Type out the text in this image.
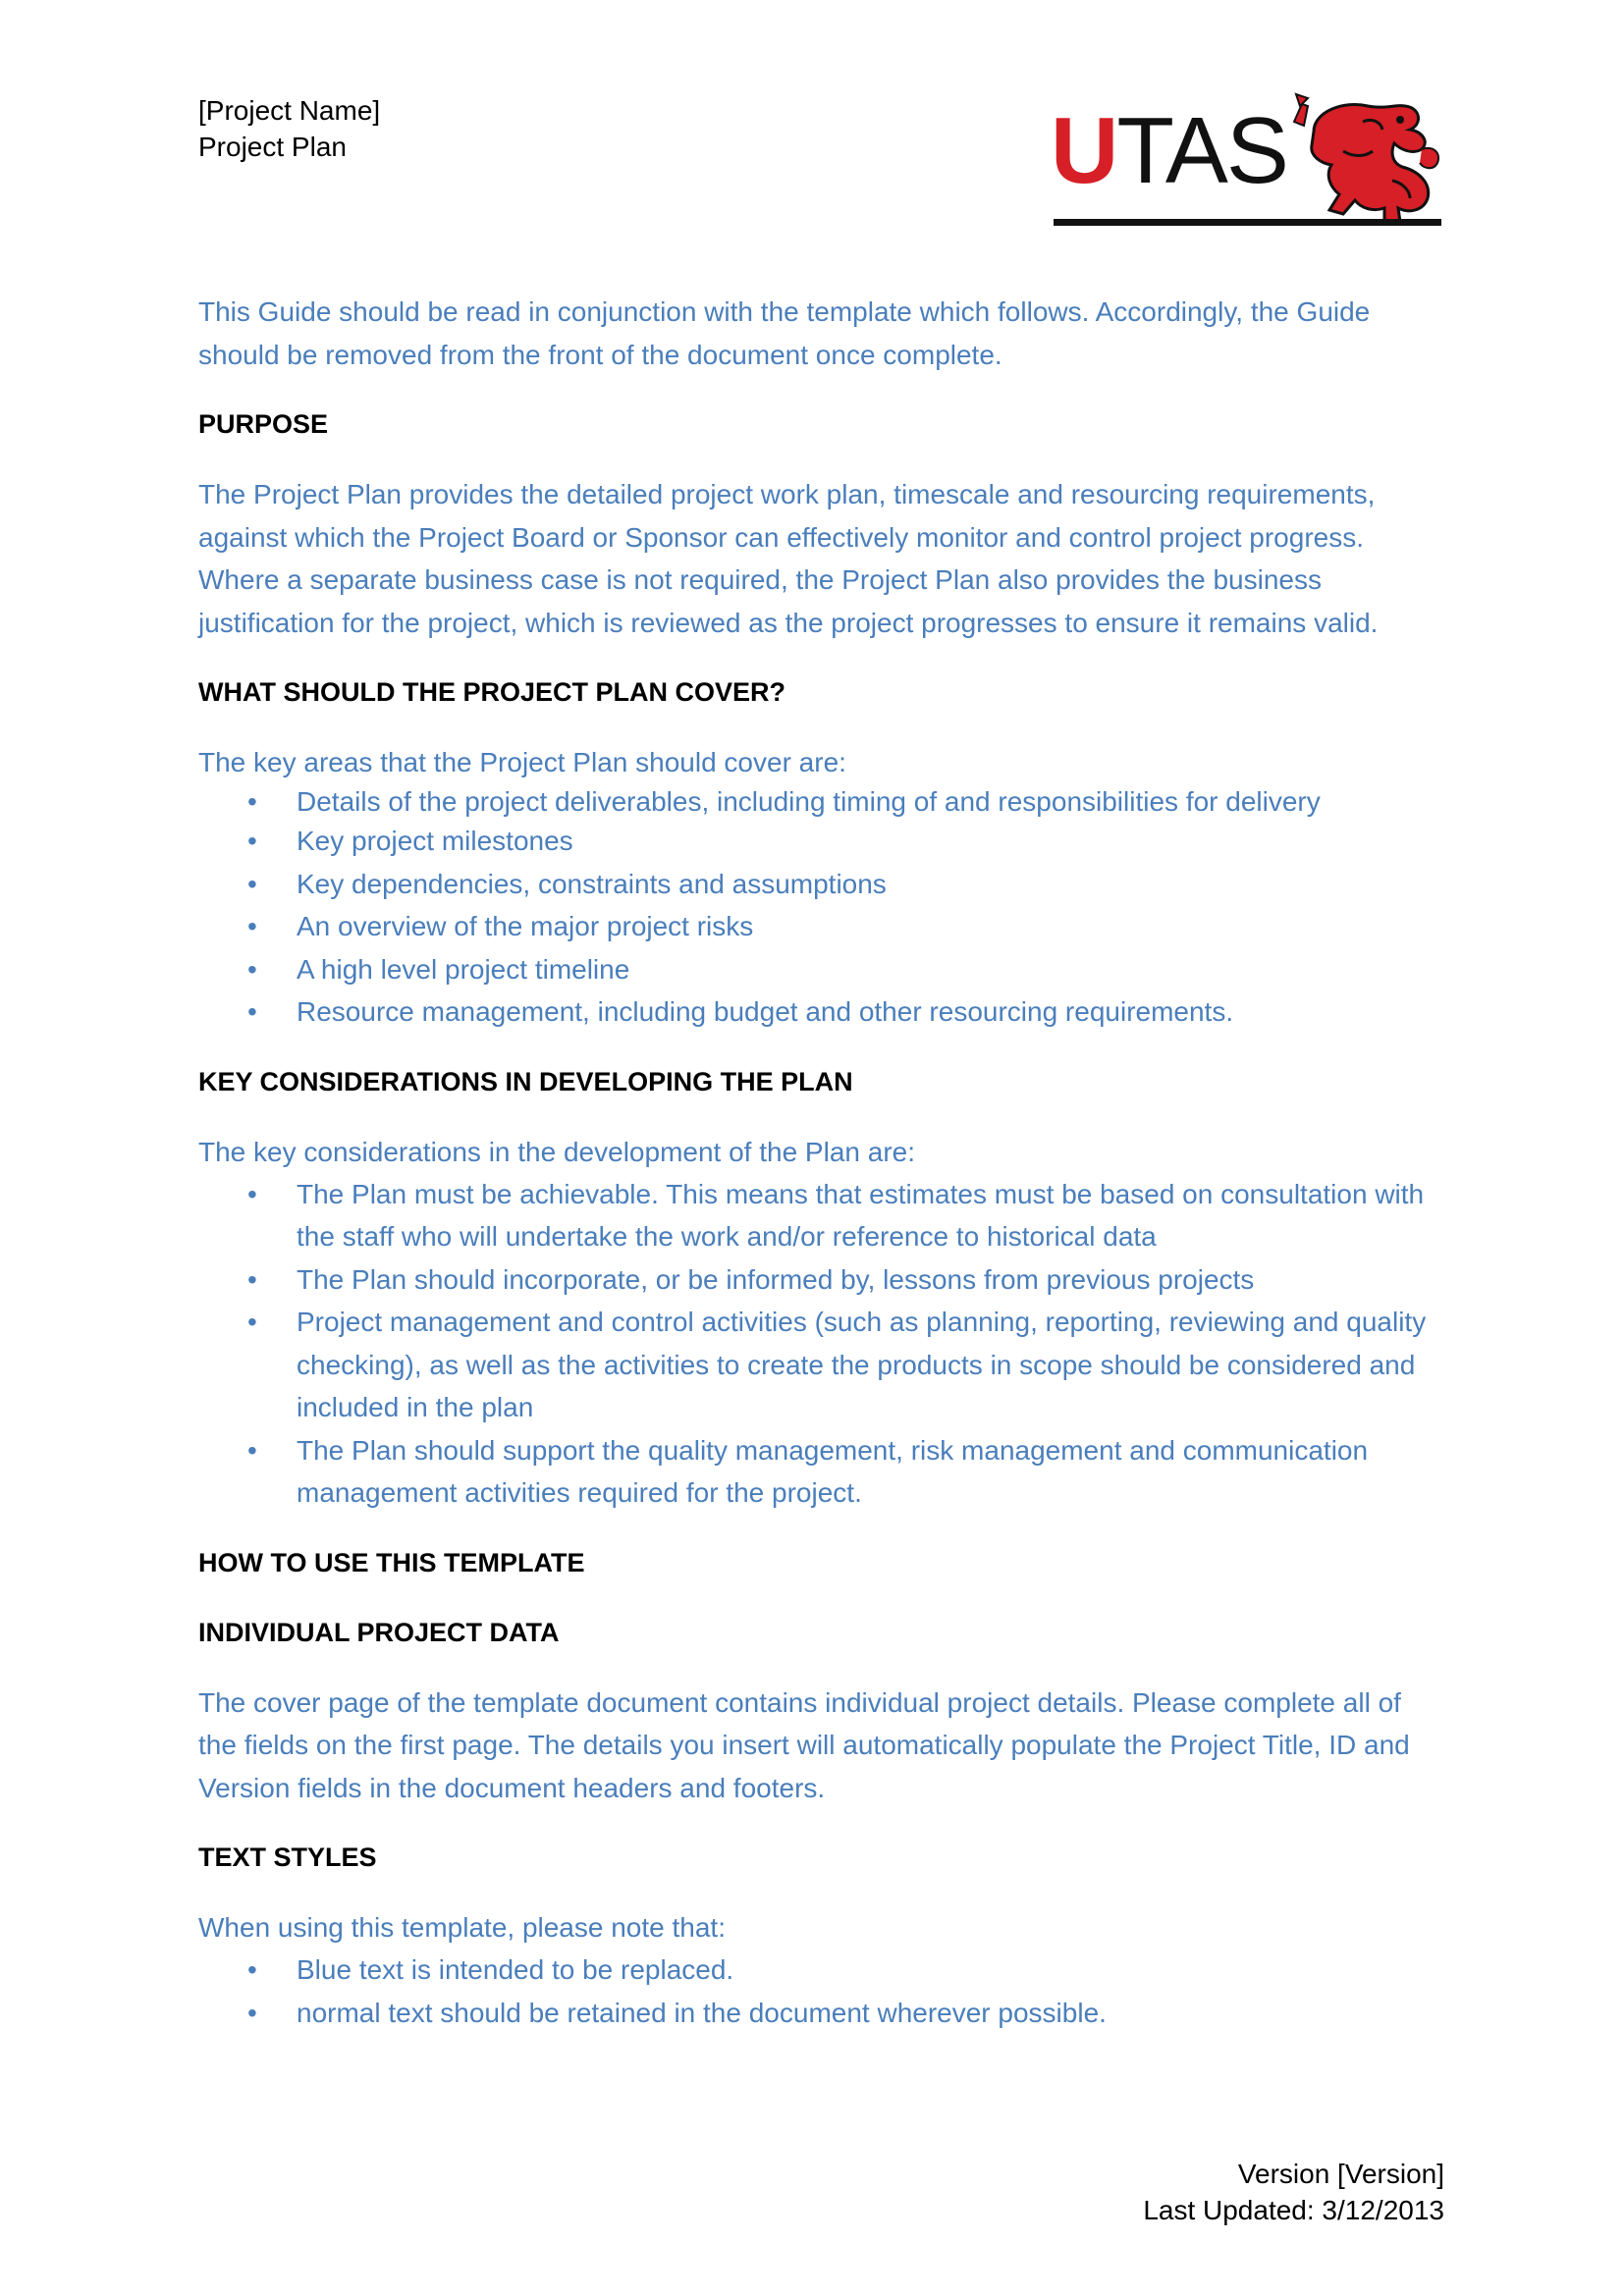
[Project Name]
Project Plan	UTAS

This Guide should be read in conjunction with the template which follows. Accordingly, the Guide should be removed from the front of the document once complete.

PURPOSE

The Project Plan provides the detailed project work plan, timescale and resourcing requirements, against which the Project Board or Sponsor can effectively monitor and control project progress. Where a separate business case is not required, the Project Plan also provides the business justification for the project, which is reviewed as the project progresses to ensure it remains valid.

WHAT SHOULD THE PROJECT PLAN COVER?

The key areas that the Project Plan should cover are:

• Details of the project deliverables, including timing of and responsibilities for delivery
• Key project milestones
• Key dependencies, constraints and assumptions
• An overview of the major project risks
• A high level project timeline
• Resource management, including budget and other resourcing requirements.
KEY CONSIDERATIONS IN DEVELOPING THE PLAN

The key considerations in the development of the Plan are:

• The Plan must be achievable. This means that estimates must be based on consultation with the staff who will undertake the work and/or reference to historical data
• The Plan should incorporate, or be informed by, lessons from previous projects
• Project management and control activities (such as planning, reporting, reviewing and quality checking), as well as the activities to create the products in scope should be considered and included in the plan
• The Plan should support the quality management, risk management and communication management activities required for the project.
HOW TO USE THIS TEMPLATE
INDIVIDUAL PROJECT DATA

The cover page of the template document contains individual project details. Please complete all of the fields on the first page. The details you insert will automatically populate the Project Title, ID and Version fields in the document headers and footers.

TEXT STYLES

When using this template, please note that:

• Blue text is intended to be replaced.
• normal text should be retained in the document wherever possible.
Version [Version]
Last Updated: 3/12/2013
